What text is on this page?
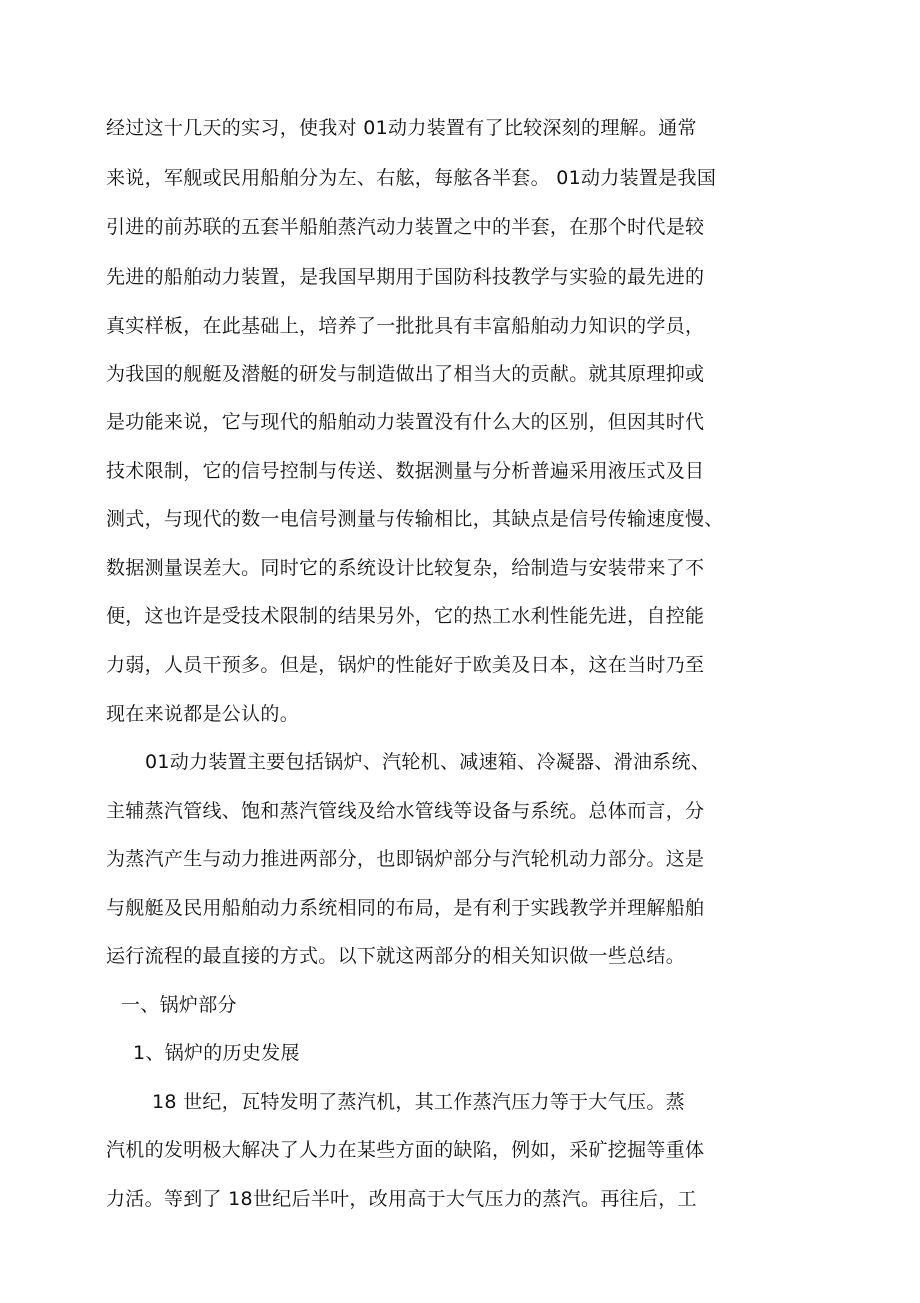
经过这十几天的实习，使我对 01动力装置有了比较深刻的理解。通常

来说，军舰或民用船舶分为左、右舷，每舷各半套。 01动力装置是我国

引进的前苏联的五套半船舶蒸汽动力装置之中的半套，在那个时代是较

先进的船舶动力装置，是我国早期用于国防科技教学与实验的最先进的

真实样板，在此基础上，培养了一批批具有丰富船舶动力知识的学员，

为我国的舰艇及潜艇的研发与制造做出了相当大的贡献。就其原理抑或

是功能来说，它与现代的船舶动力装置没有什么大的区别，但因其时代

技术限制，它的信号控制与传送、数据测量与分析普遍采用液压式及目

测式，与现代的数一电信号测量与传输相比，其缺点是信号传输速度慢、

数据测量误差大。同时它的系统设计比较复杂，给制造与安装带来了不

便，这也许是受技术限制的结果另外，它的热工水利性能先进，自控能

力弱，人员干预多。但是，锅炉的性能好于欧美及日本，这在当时乃至

现在来说都是公认的。

01动力装置主要包括锅炉、汽轮机、减速箱、冷凝器、滑油系统、

主辅蒸汽管线、饱和蒸汽管线及给水管线等设备与系统。总体而言，分

为蒸汽产生与动力推进两部分，也即锅炉部分与汽轮机动力部分。这是

与舰艇及民用船舶动力系统相同的布局，是有利于实践教学并理解船舶

运行流程的最直接的方式。以下就这两部分的相关知识做一些总结。

一、锅炉部分

1、锅炉的历史发展

18 世纪，瓦特发明了蒸汽机，其工作蒸汽压力等于大气压。蒸

汽机的发明极大解决了人力在某些方面的缺陷，例如，采矿挖掘等重体

力活。等到了 18世纪后半叶，改用高于大气压力的蒸汽。再往后，工
